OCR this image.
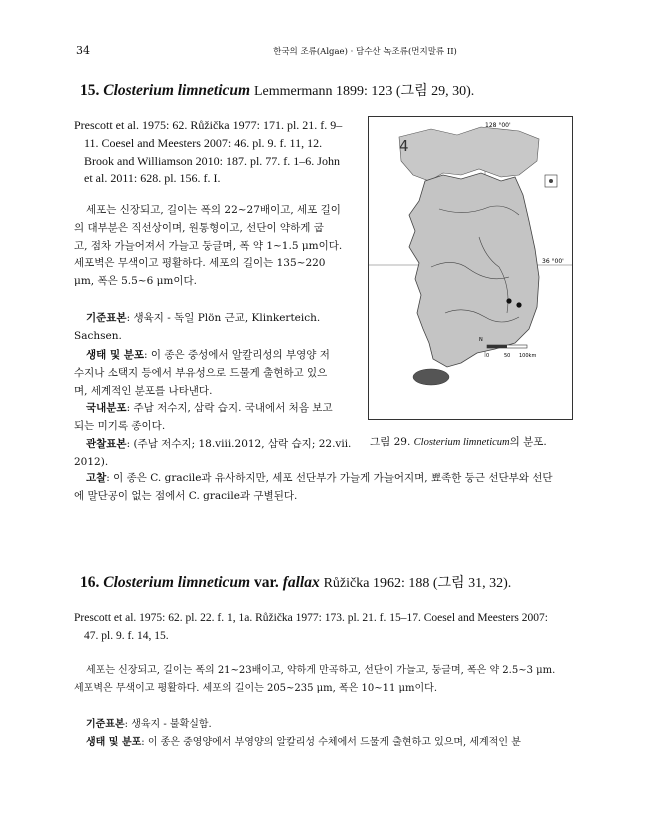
34	한국의 조류(Algae) · 담수산 녹조류(먼지말류 II)
15. Closterium limneticum Lemmermann 1899: 123 (그림 29, 30).
Prescott et al. 1975: 62. Růžička 1977: 171. pl. 21. f. 9–
11. Coesel and Meesters 2007: 46. pl. 9. f. 11, 12.
Brook and Williamson 2010: 187. pl. 77. f. 1–6. John
et al. 2011: 628. pl. 156. f. I.
세포는 신장되고, 길이는 폭의 22~27배이고, 세포 길이
의 대부분은 직선상이며, 원통형이고, 선단이 약하게 굽
고, 점차 가늘어져서 가늘고 둥글며, 폭 약 1~1.5 μm이다.
세포벽은 무색이고 평활하다. 세포의 길이는 135~220
μm, 폭은 5.5~6 μm이다.
기준표본: 생육지 - 독일 Plön 근교, Klinkerteich.
Sachsen.
생태 및 분포: 이 종은 중성에서 알칼리성의 부영양 저
수지나 소택지 등에서 부유성으로 드물게 출현하고 있으
며, 세계적인 분포를 나타낸다.
국내분포: 주남 저수지, 삼락 습지. 국내에서 처음 보고
되는 미기록 종이다.
관찰표본: (주남 저수지; 18.viii.2012, 삼락 습지; 22.vii.
2012).
고찰: 이 종은 C. gracile과 유사하지만, 세포 선단부가 가늘게 가늘어지며, 뾰족한 둥근 선단부와 선단
에 말단공이 없는 점에서 C. gracile과 구별된다.
128 °00'
36 °00'
4
0	50 100km
N
그림 29. Closterium limneticum의 분포.
16. Closterium limneticum var. fallax Růžička 1962: 188 (그림 31, 32).
Prescott et al. 1975: 62. pl. 22. f. 1, 1a. Růžička 1977: 173. pl. 21. f. 15–17. Coesel and Meesters 2007:
47. pl. 9. f. 14, 15.
세포는 신장되고, 길이는 폭의 21~23배이고, 약하게 만곡하고, 선단이 가늘고, 둥글며, 폭은 약 2.5~3 μm.
세포벽은 무색이고 평활하다. 세포의 길이는 205~235 μm, 폭은 10~11 μm이다.
기준표본: 생육지 - 불확실함.
생태 및 분포: 이 종은 중영양에서 부영양의 알칼리성 수체에서 드물게 출현하고 있으며, 세계적인 분
